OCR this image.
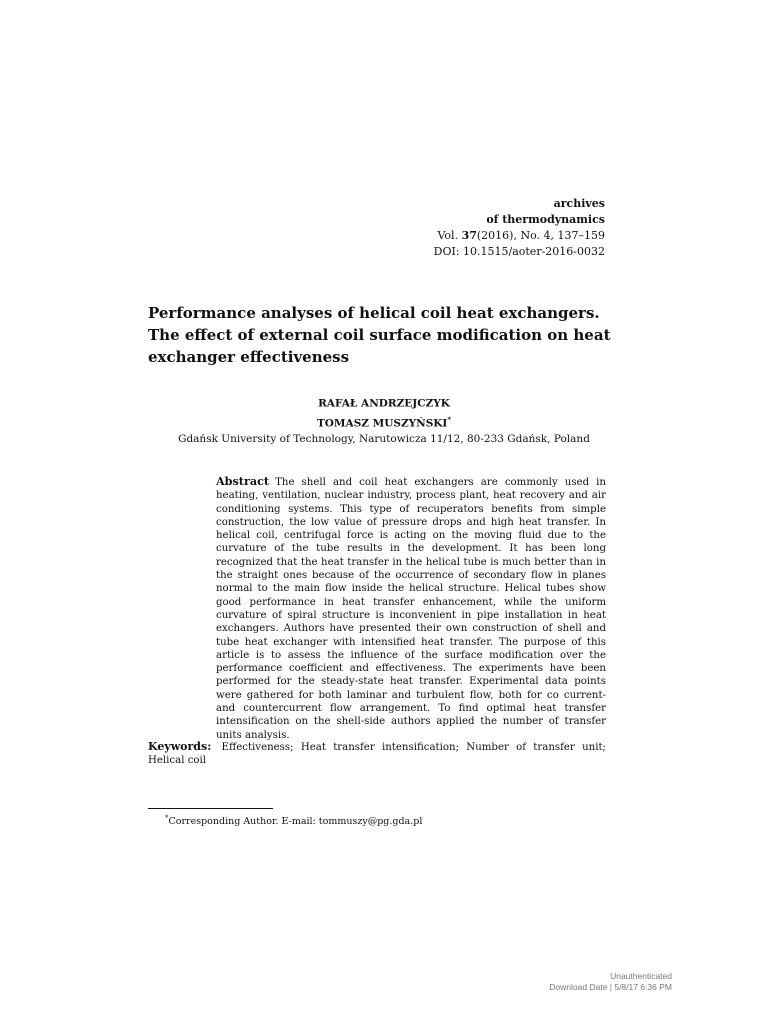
archives
of thermodynamics
Vol. 37(2016), No. 4, 137–159
DOI: 10.1515/aoter-2016-0032
Performance analyses of helical coil heat exchangers. The effect of external coil surface modification on heat exchanger effectiveness
RAFAŁ ANDRZEJCZYK
TOMASZ MUSZYŃSKI*
Gdańsk University of Technology, Narutowicza 11/12, 80-233 Gdańsk, Poland

Abstract The shell and coil heat exchangers are commonly used in heating, ventilation, nuclear industry, process plant, heat recovery and air conditioning systems. This type of recuperators benefits from simple construction, the low value of pressure drops and high heat transfer. In helical coil, centrifugal force is acting on the moving fluid due to the curvature of the tube results in the development. It has been long recognized that the heat transfer in the helical tube is much better than in the straight ones because of the occurrence of secondary flow in planes normal to the main flow inside the helical structure. Helical tubes show good performance in heat transfer enhancement, while the uniform curvature of spiral structure is inconvenient in pipe installation in heat exchangers. Authors have presented their own construction of shell and tube heat exchanger with intensified heat transfer. The purpose of this article is to assess the influence of the surface modification over the performance coefficient and effectiveness. The experiments have been performed for the steady-state heat transfer. Experimental data points were gathered for both laminar and turbulent flow, both for co current- and countercurrent flow arrangement. To find optimal heat transfer intensification on the shell-side authors applied the number of transfer units analysis.

Keywords: Effectiveness; Heat transfer intensification; Number of transfer unit; Helical coil

*Corresponding Author. E-mail: tommuszy@pg.gda.pl
Unauthenticated
Download Date | 5/8/17 6:36 PM
